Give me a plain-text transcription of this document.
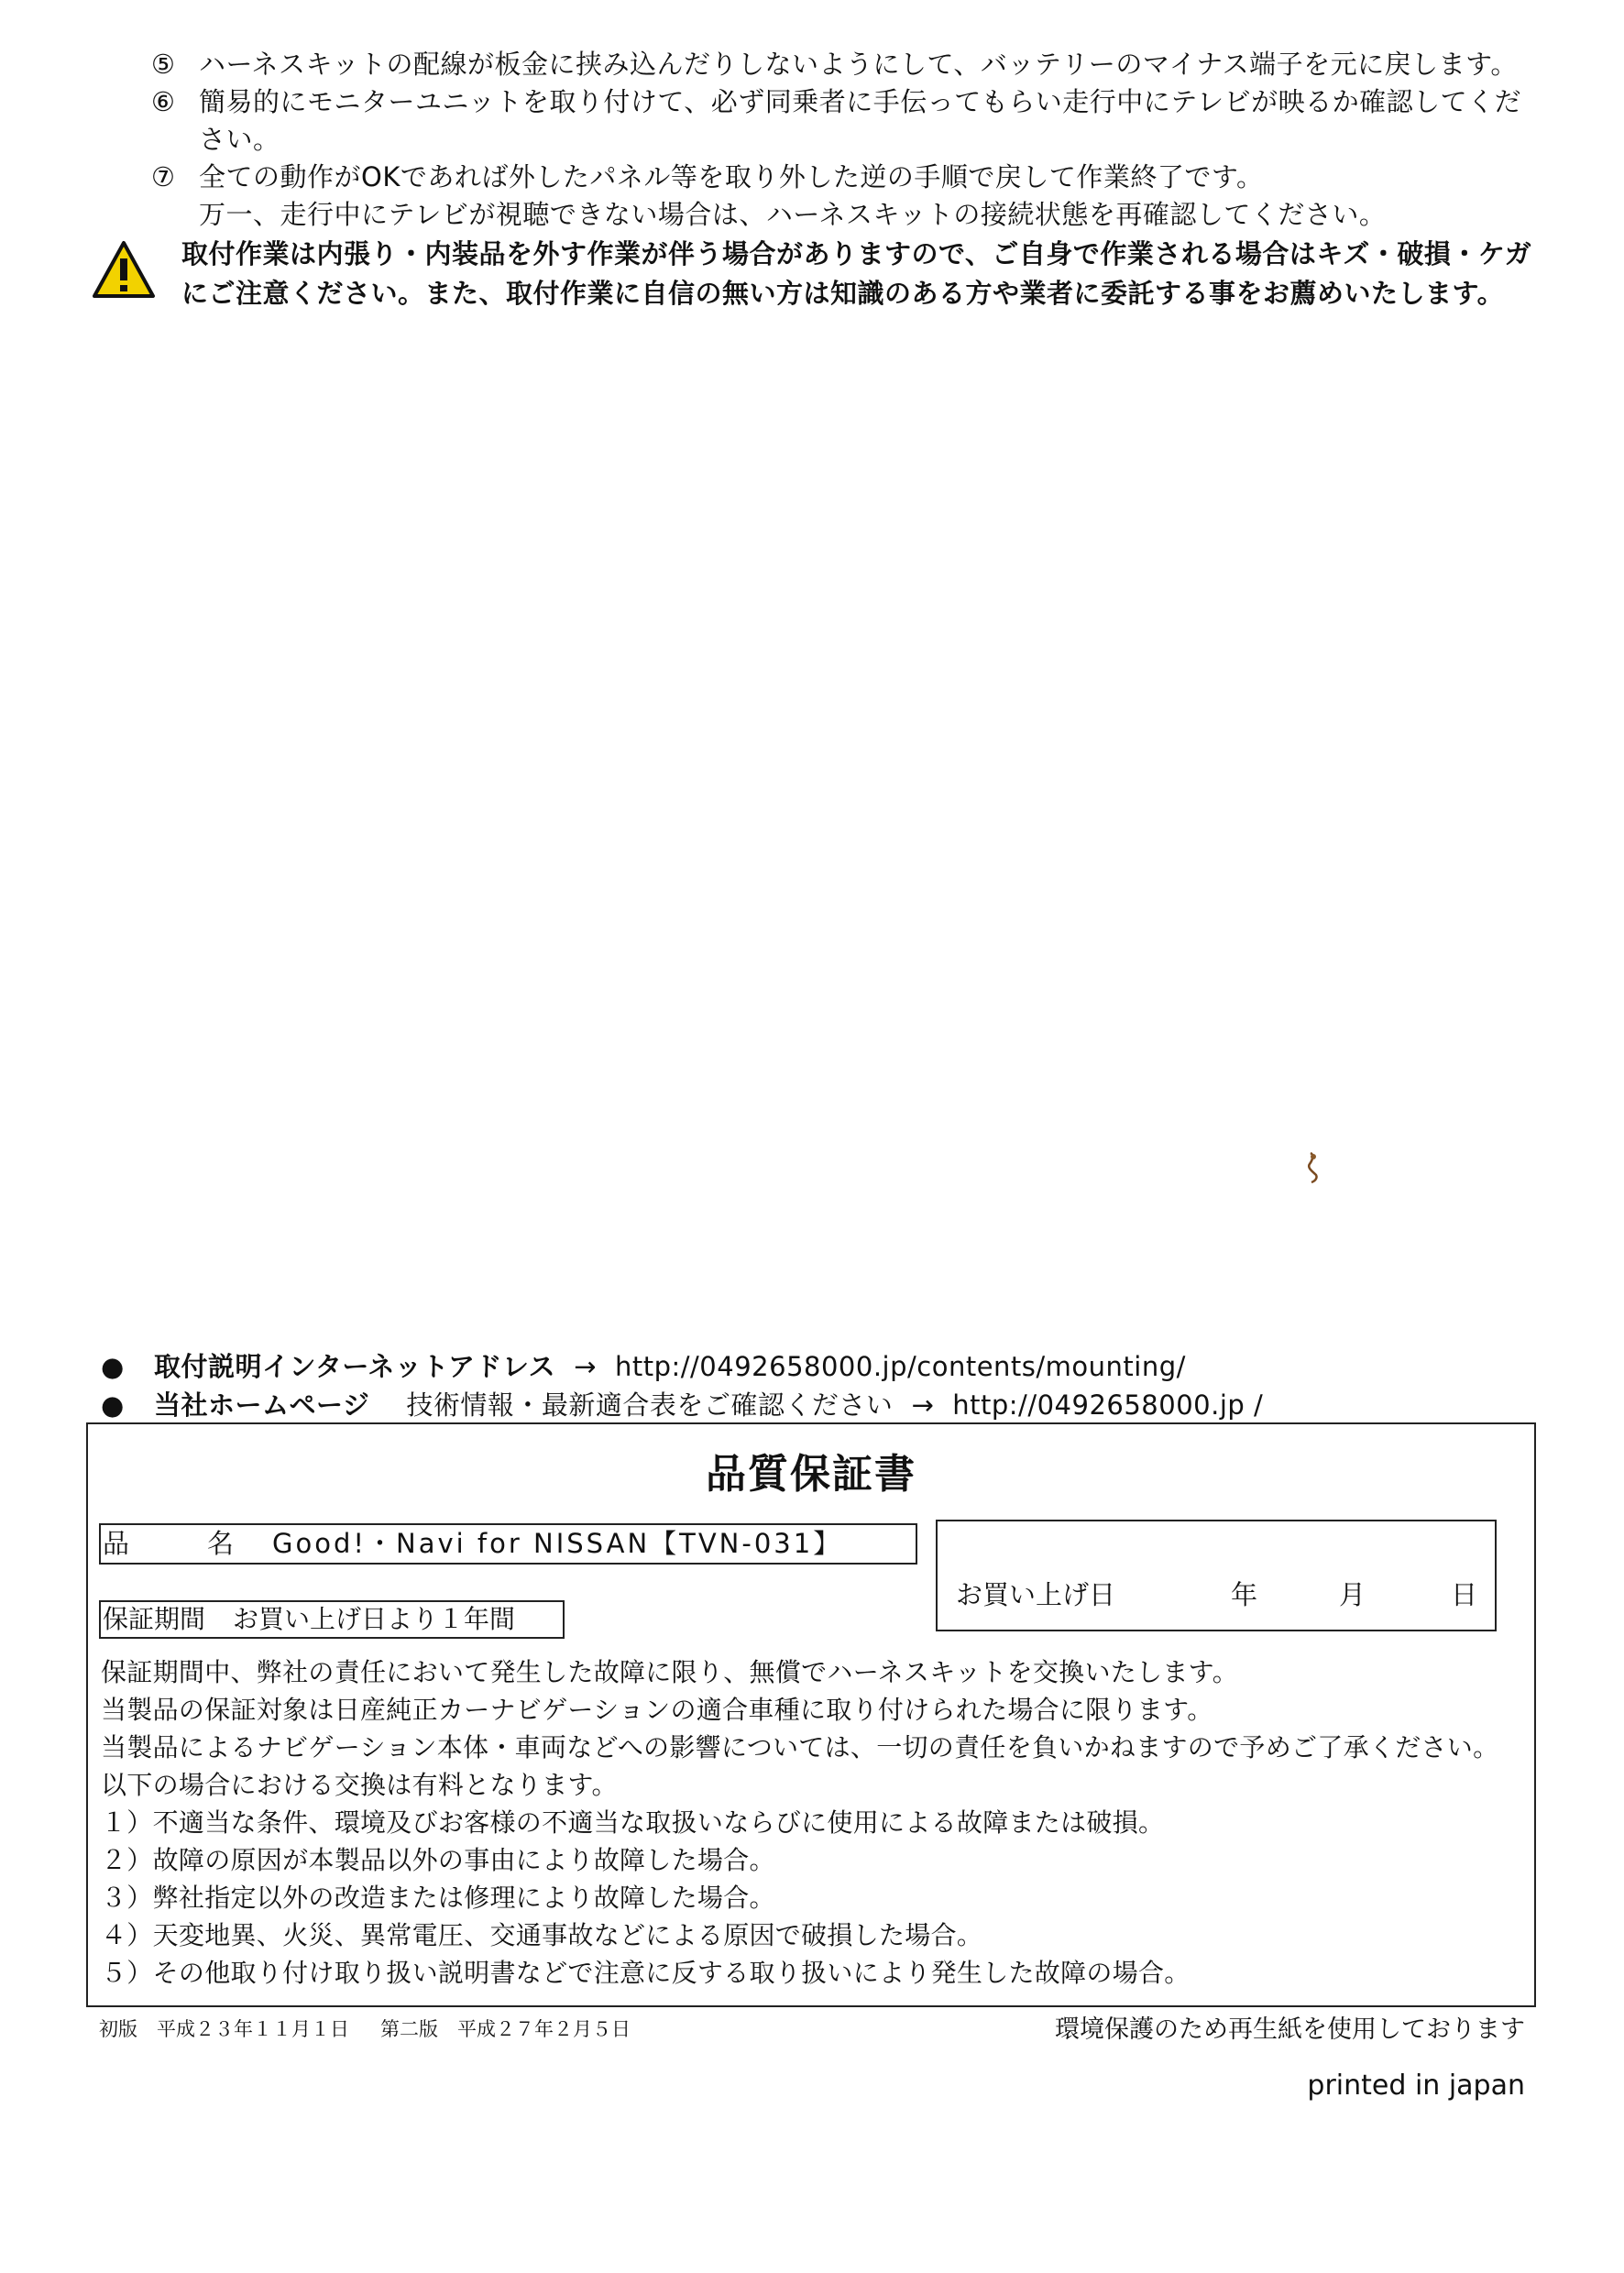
⑤ ハーネスキットの配線が板金に挟み込んだりしないようにして、バッテリーのマイナス端子を元に戻します。
⑥ 簡易的にモニターユニットを取り付けて、必ず同乗者に手伝ってもらい走行中にテレビが映るか確認してください。
⑦ 全ての動作がOKであれば外したパネル等を取り外した逆の手順で戻して作業終了です。
万一、走行中にテレビが視聴できない場合は、ハーネスキットの接続状態を再確認してください。
取付作業は内張り・内装品を外す作業が伴う場合がありますので、ご自身で作業される場合はキズ・破損・ケガにご注意ください。また、取付作業に自信の無い方は知識のある方や業者に委託する事をお薦めいたします。
● 取付説明インターネットアドレス → http://0492658000.jp/contents/mounting/
● 当社ホームページ 技術情報・最新適合表をご確認ください → http://0492658000.jp /
品質保証書
品　名 Good!・Navi for NISSAN【TVN-031】
お買い上げ日	年	月	日
保証期間 お買い上げ日より１年間
保証期間中、弊社の責任において発生した故障に限り、無償でハーネスキットを交換いたします。
当製品の保証対象は日産純正カーナビゲーションの適合車種に取り付けられた場合に限ります。
当製品によるナビゲーション本体・車両などへの影響については、一切の責任を負いかねますので予めご了承ください。
以下の場合における交換は有料となります。
１）不適当な条件、環境及びお客様の不適当な取扱いならびに使用による故障または破損。
２）故障の原因が本製品以外の事由により故障した場合。
３）弊社指定以外の改造または修理により故障した場合。
４）天変地異、火災、異常電圧、交通事故などによる原因で破損した場合。
５）その他取り付け取り扱い説明書などで注意に反する取り扱いにより発生した故障の場合。
初版　平成２３年１１月１日 第二版　平成２７年２月５日	環境保護のため再生紙を使用しております
printed in japan
